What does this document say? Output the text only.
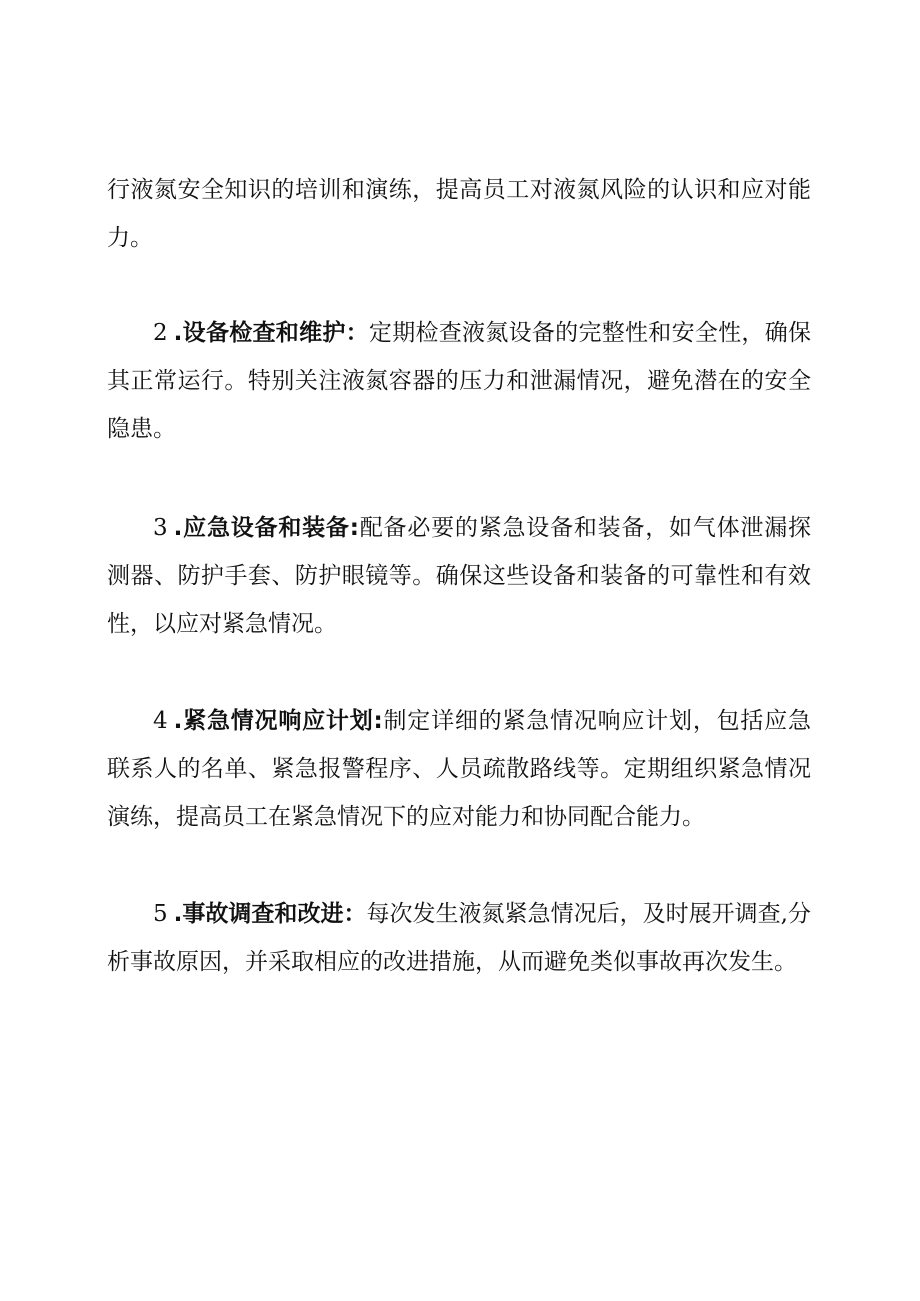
行液氮安全知识的培训和演练，提高员工对液氮风险的认识和应对能力。

2 .设备检查和维护：定期检查液氮设备的完整性和安全性，确保其正常运行。特别关注液氮容器的压力和泄漏情况，避免潜在的安全隐患。

3 .应急设备和装备:配备必要的紧急设备和装备，如气体泄漏探测器、防护手套、防护眼镜等。确保这些设备和装备的可靠性和有效性，以应对紧急情况。

4 .紧急情况响应计划:制定详细的紧急情况响应计划，包括应急联系人的名单、紧急报警程序、人员疏散路线等。定期组织紧急情况演练，提高员工在紧急情况下的应对能力和协同配合能力。

5 .事故调查和改进：每次发生液氮紧急情况后，及时展开调查,分析事故原因，并采取相应的改进措施，从而避免类似事故再次发生。
